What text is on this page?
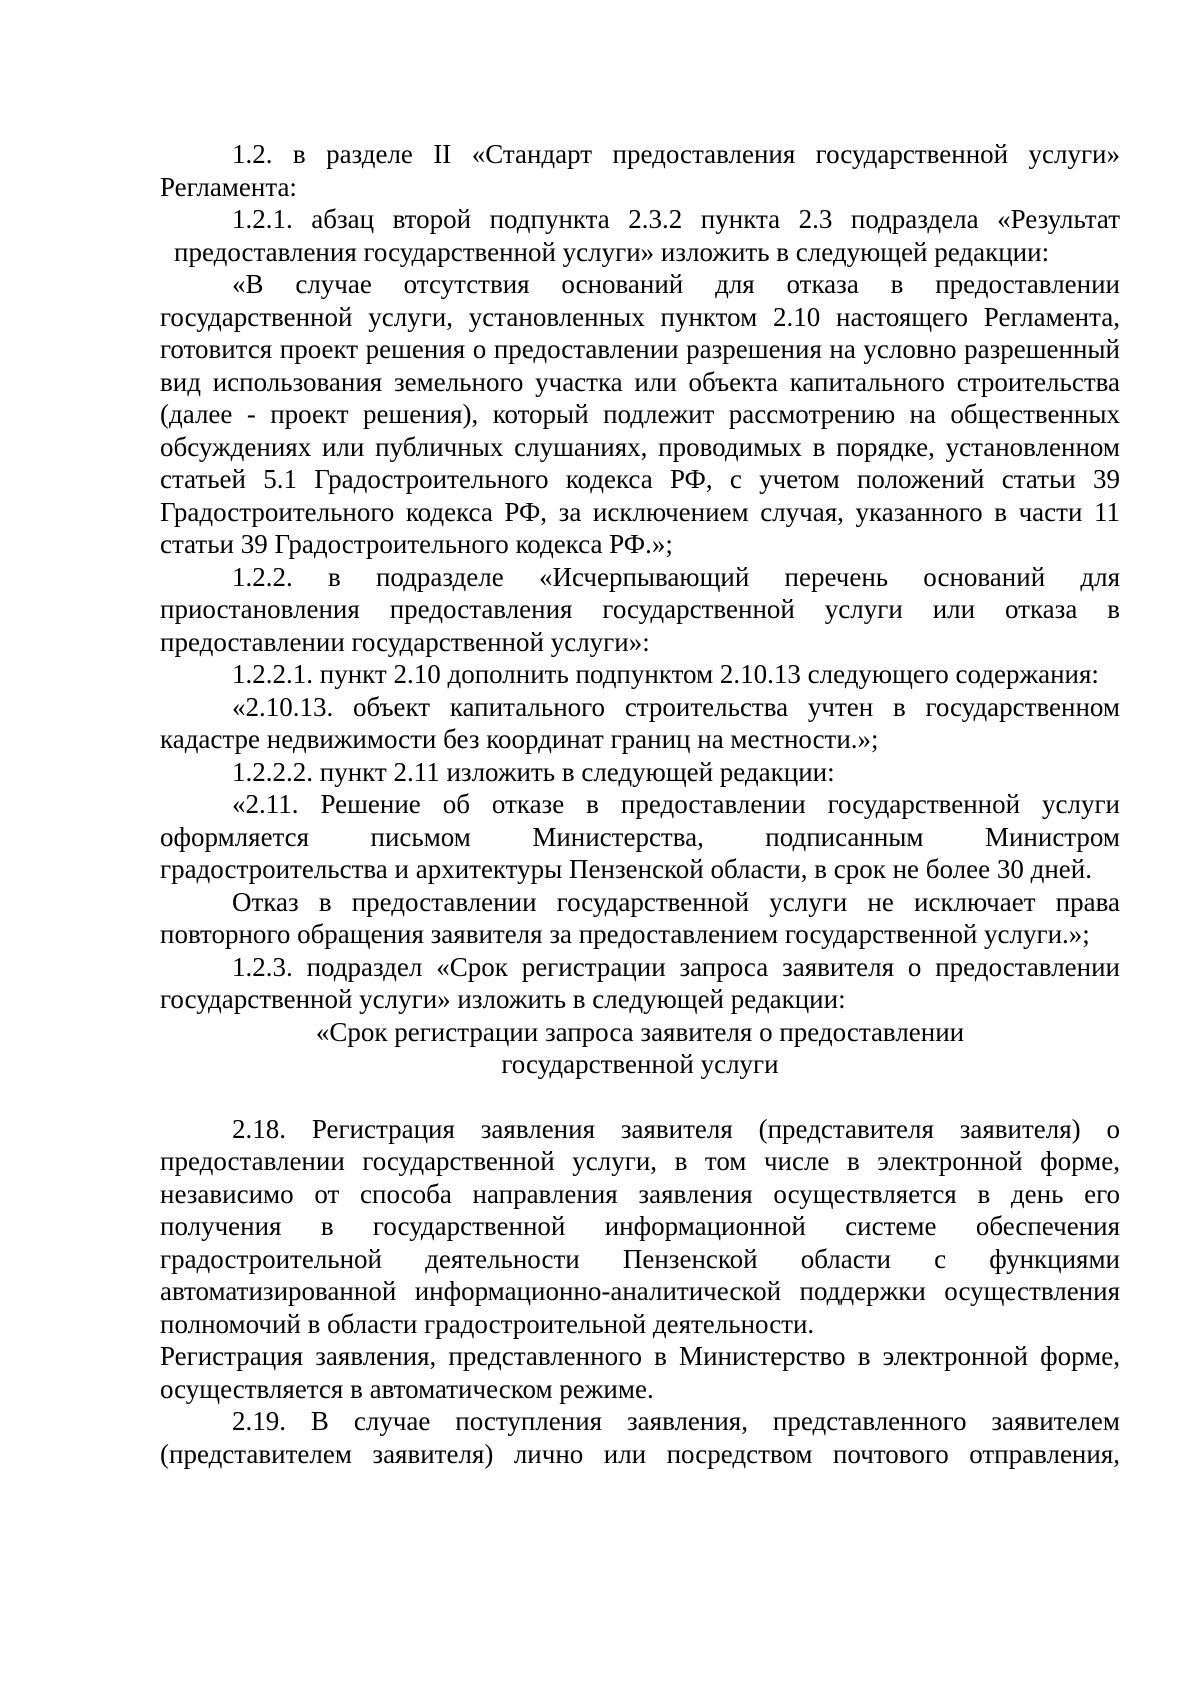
1.2. в разделе II «Стандарт предоставления государственной услуги» Регламента:

1.2.1. абзац второй подпункта 2.3.2 пункта 2.3 подраздела «Результат предоставления государственной услуги» изложить в следующей редакции:

«В случае отсутствия оснований для отказа в предоставлении государственной услуги, установленных пунктом 2.10 настоящего Регламента, готовится проект решения о предоставлении разрешения на условно разрешенный вид использования земельного участка или объекта капитального строительства (далее - проект решения), который подлежит рассмотрению на общественных обсуждениях или публичных слушаниях, проводимых в порядке, установленном статьей 5.1 Градостроительного кодекса РФ, с учетом положений статьи 39 Градостроительного кодекса РФ, за исключением случая, указанного в части 11 статьи 39 Градостроительного кодекса РФ.»;

1.2.2. в подразделе «Исчерпывающий перечень оснований для приостановления предоставления государственной услуги или отказа в предоставлении государственной услуги»:

1.2.2.1. пункт 2.10 дополнить подпунктом 2.10.13 следующего содержания:

«2.10.13. объект капитального строительства учтен в государственном кадастре недвижимости без координат границ на местности.»;

1.2.2.2. пункт 2.11 изложить в следующей редакции:

«2.11. Решение об отказе в предоставлении государственной услуги оформляется письмом Министерства, подписанным Министром градостроительства и архитектуры Пензенской области, в срок не более 30 дней.

Отказ в предоставлении государственной услуги не исключает права повторного обращения заявителя за предоставлением государственной услуги.»;

1.2.3. подраздел «Срок регистрации запроса заявителя о предоставлении государственной услуги» изложить в следующей редакции:

«Срок регистрации запроса заявителя о предоставлении

государственной услуги

2.18. Регистрация заявления заявителя (представителя заявителя) о предоставлении государственной услуги, в том числе в электронной форме, независимо от способа направления заявления осуществляется в день его получения в государственной информационной системе обеспечения градостроительной деятельности Пензенской области с функциями автоматизированной информационно-аналитической поддержки осуществления полномочий в области градостроительной деятельности.

Регистрация заявления, представленного в Министерство в электронной форме, осуществляется в автоматическом режиме.

2.19. В случае поступления заявления, представленного заявителем (представителем заявителя) лично или посредством почтового отправления,
